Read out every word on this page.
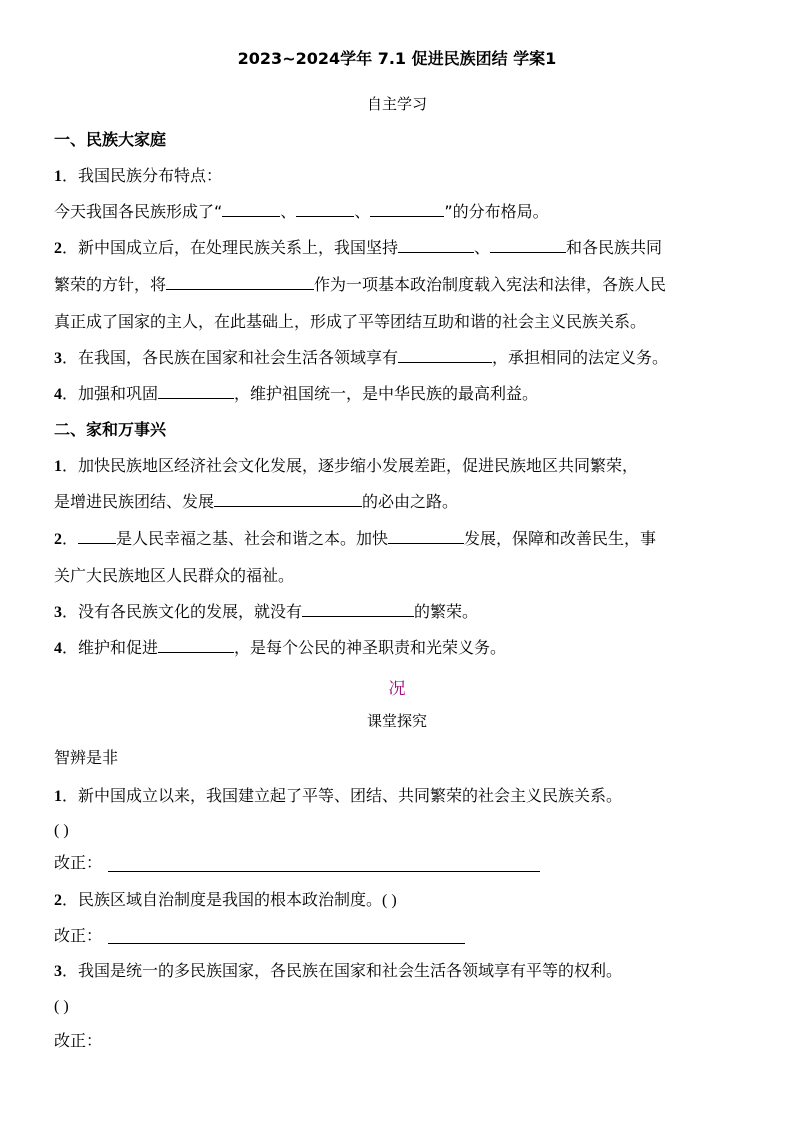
2023~2024学年 7.1 促进民族团结 学案1
自主学习
一、民族大家庭
1．我国民族分布特点：
今天我国各民族形成了“	、	、	”的分布格局。
2．新中国成立后，在处理民族关系上，我国坚持	、	和各民族共同
繁荣的方针，将	作为一项基本政治制度载入宪法和法律，各族人民
真正成了国家的主人，在此基础上，形成了平等团结互助和谐的社会主义民族关系。
3．在我国，各民族在国家和社会生活各领域享有	，承担相同的法定义务。
4．加强和巩固	，维护祖国统一，是中华民族的最高利益。
二、家和万事兴
1．加快民族地区经济社会文化发展，逐步缩小发展差距，促进民族地区共同繁荣，
是增进民族团结、发展	的必由之路。
2． 是人民幸福之基、社会和谐之本。加快	发展，保障和改善民生，事
关广大民族地区人民群众的福祉。
3．没有各民族文化的发展，就没有	的繁荣。
4．维护和促进	，是每个公民的神圣职责和光荣义务。
况
课堂探究
智辨是非
1．新中国成立以来，我国建立起了平等、团结、共同繁荣的社会主义民族关系。
( )
改正：
2．民族区域自治制度是我国的根本政治制度。( )
改正：
3．我国是统一的多民族国家，各民族在国家和社会生活各领域享有平等的权利。
( )
改正：
